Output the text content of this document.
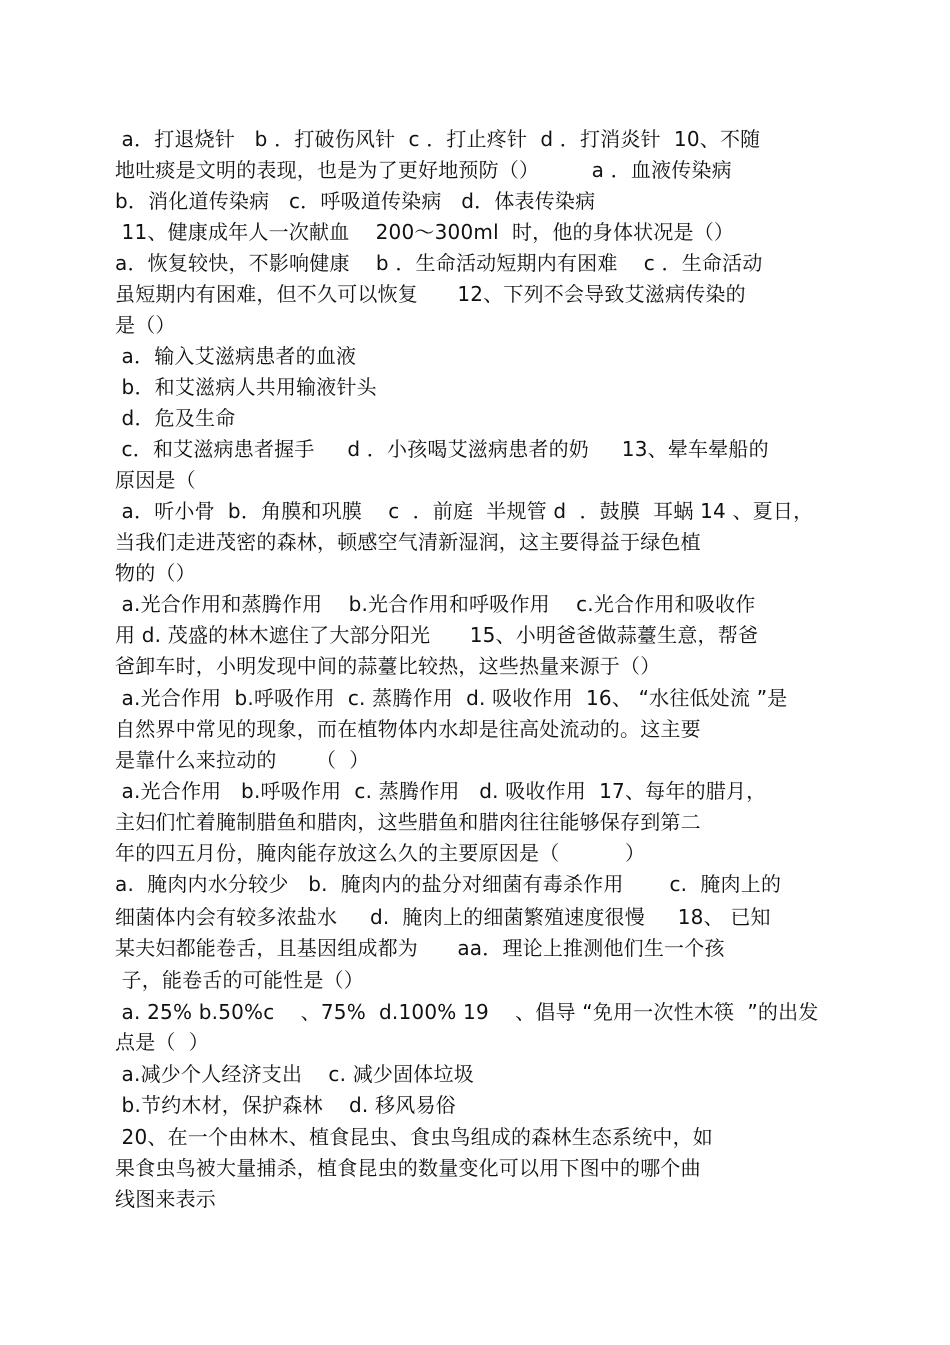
a．打退烧针   b ．打破伤风针  c ．打止疼针  d ．打消炎针  10、不随
地吐痰是文明的表现，也是为了更好地预防（）        a ．血液传染病
b．消化道传染病   c．呼吸道传染病   d．体表传染病
11、健康成年人一次献血    200～300ml  时，他的身体状况是（）
a．恢复较快，不影响健康    b ．生命活动短期内有困难    c ．生命活动
虽短期内有困难，但不久可以恢复      12、下列不会导致艾滋病传染的
是（）
a．输入艾滋病患者的血液
b．和艾滋病人共用输液针头
d．危及生命
c．和艾滋病患者握手     d ．小孩喝艾滋病患者的奶     13、晕车晕船的
原因是（
a．听小骨  b．角膜和巩膜    c  ．前庭  半规管 d  ．鼓膜  耳蜗 14 、夏日，
当我们走进茂密的森林，顿感空气清新湿润，这主要得益于绿色植
物的（）
a.光合作用和蒸腾作用    b.光合作用和呼吸作用    c.光合作用和吸收作
用 d. 茂盛的林木遮住了大部分阳光      15、小明爸爸做蒜薹生意，帮爸
爸卸车时，小明发现中间的蒜薹比较热，这些热量来源于（）
a.光合作用  b.呼吸作用  c. 蒸腾作用  d. 吸收作用  16、 “水往低处流 ”是
自然界中常见的现象，而在植物体内水却是往高处流动的。这主要
是靠什么来拉动的      （  ）
a.光合作用   b.呼吸作用  c. 蒸腾作用   d. 吸收作用  17、每年的腊月，
主妇们忙着腌制腊鱼和腊肉，这些腊鱼和腊肉往往能够保存到第二
年的四五月份，腌肉能存放这么久的主要原因是（          ）
a.  腌肉内水分较少   b.  腌肉内的盐分对细菌有毒杀作用       c.  腌肉上的
细菌体内会有较多浓盐水     d.  腌肉上的细菌繁殖速度很慢     18、 已知
某夫妇都能卷舌，且基因组成都为      aa．理论上推测他们生一个孩
子，能卷舌的可能性是（）
a. 25% b.50%c    、75%  d.100% 19    、倡导 “免用一次性木筷  ”的出发
点是（  ）
a.减少个人经济支出    c. 减少固体垃圾
b.节约木材，保护森林    d. 移风易俗
20、在一个由林木、植食昆虫、食虫鸟组成的森林生态系统中，如
果食虫鸟被大量捕杀，植食昆虫的数量变化可以用下图中的哪个曲
线图来表示
